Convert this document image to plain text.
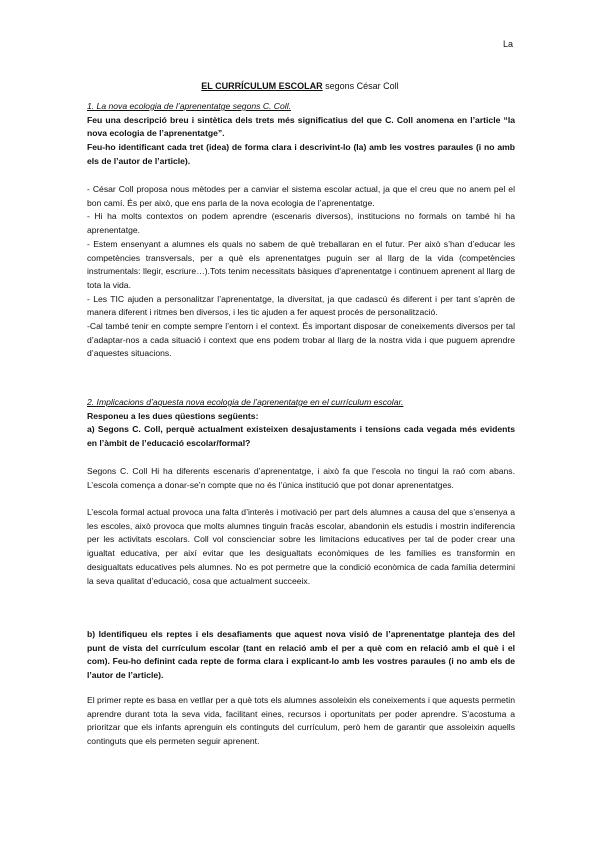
La
EL CURRÍCULUM ESCOLAR segons César Coll

1. La nova ecologia de l’aprenentatge segons C. Coll.

Feu una descripció breu i sintètica dels trets més significatius del que C. Coll anomena en l’article “la nova ecologia de l’aprenentatge”.

Feu-ho identificant cada tret (idea) de forma clara i descrivint-lo (la) amb les vostres paraules (i no amb els de l’autor de l’article).

- César Coll proposa nous mètodes per a canviar el sistema escolar actual, ja que el creu que no anem pel el bon camí. És per això, que ens parla de la nova ecologia de l’aprenentatge.

- Hi ha molts contextos on podem aprendre (escenaris diversos), institucions no formals on també hi ha aprenentatge.

- Estem ensenyant a alumnes els quals no sabem de què treballaran en el futur. Per això s’han d’educar les competències transversals, per a què els aprenentatges puguin ser al llarg de la vida (competències instrumentals: llegir, escriure…).Tots tenim necessitats bàsiques d’aprenentatge i continuem aprenent al llarg de tota la vida.

- Les TIC ajuden a personalitzar l’aprenentatge, la diversitat, ja que cadascú és diferent i per tant s’aprèn de manera diferent i ritmes ben diversos, i les tic ajuden a fer aquest procés de personalització.

-Cal també tenir en compte sempre l’entorn i el context. És important disposar de coneixements diversos per tal d’adaptar-nos a cada situació i context que ens podem trobar al llarg de la nostra vida i que puguem aprendre d’aquestes situacions.

2. Implicacions d’aquesta nova ecologia de l’aprenentatge en el currículum escolar.

Responeu a les dues qüestions següents:

a) Segons C. Coll, perquè actualment existeixen desajustaments i tensions cada vegada més evidents en l’àmbit de l’educació escolar/formal?

Segons C. Coll Hi ha diferents escenaris d’aprenentatge, i això fa que l’escola no tingui la raó com abans. L’escola comença a donar-se’n compte que no és l’única institució que pot donar aprenentatges.
L’escola formal actual provoca una falta d’interès i motivació per part dels alumnes a causa del que s’ensenya a les escoles, això provoca que molts alumnes tinguin fracàs escolar, abandonin els estudis i mostrin indiferencia per les activitats escolars. Coll vol conscienciar sobre les limitacions educatives per tal de poder crear una igualtat educativa, per així evitar que les desigualtats econòmiques de les famílies es transformin en desigualtats educatives pels alumnes. No es pot permetre que la condició econòmica de cada família determini la seva qualitat d’educació, cosa que actualment succeeix.
b) Identifiqueu els reptes i els desafiaments que aquest nova visió de l’aprenentatge planteja des del punt de vista del currículum escolar (tant en relació amb el per a què com en relació amb el què i el com). Feu-ho definint cada repte de forma clara i explicant-lo amb les vostres paraules (i no amb els de l’autor de l’article).
El primer repte es basa en vetllar per a què tots els alumnes assoleixin els coneixements i que aquests permetin aprendre durant tota la seva vida, facilitant eines, recursos i oportunitats per poder aprendre. S’acostuma a prioritzar que els infants aprenguin els continguts del currículum, però hem de garantir que assoleixin aquells continguts que els permeten seguir aprenent.
